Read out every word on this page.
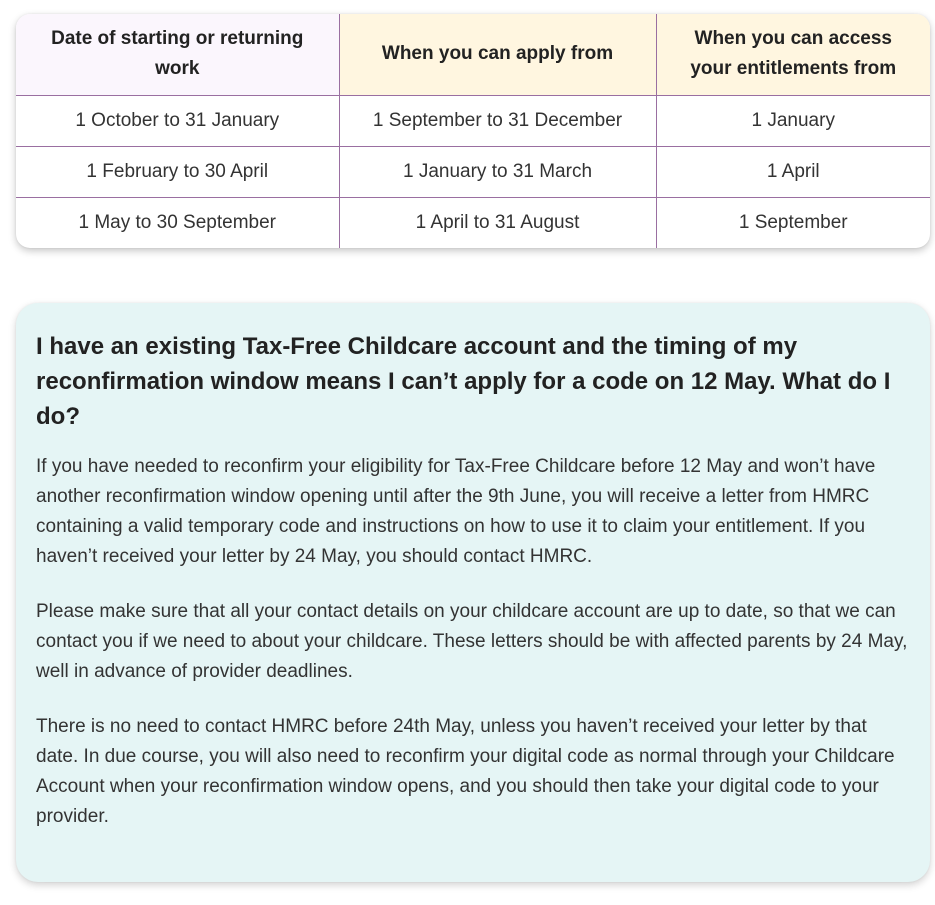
Date of starting or returning work	When you can apply from	When you can access your entitlements from
1 October to 31 January	1 September to 31 December	1 January
1 February to 30 April	1 January to 31 March	1 April
1 May to 30 September	1 April to 31 August	1 September
I have an existing Tax-Free Childcare account and the timing of my reconfirmation window means I can’t apply for a code on 12 May. What do I do?

If you have needed to reconfirm your eligibility for Tax-Free Childcare before 12 May and won’t have another reconfirmation window opening until after the 9th June, you will receive a letter from HMRC containing a valid temporary code and instructions on how to use it to claim your entitlement. If you haven’t received your letter by 24 May, you should contact HMRC.

Please make sure that all your contact details on your childcare account are up to date, so that we can contact you if we need to about your childcare. These letters should be with affected parents by 24 May, well in advance of provider deadlines.

There is no need to contact HMRC before 24th May, unless you haven’t received your letter by that date. In due course, you will also need to reconfirm your digital code as normal through your Childcare Account when your reconfirmation window opens, and you should then take your digital code to your provider.
